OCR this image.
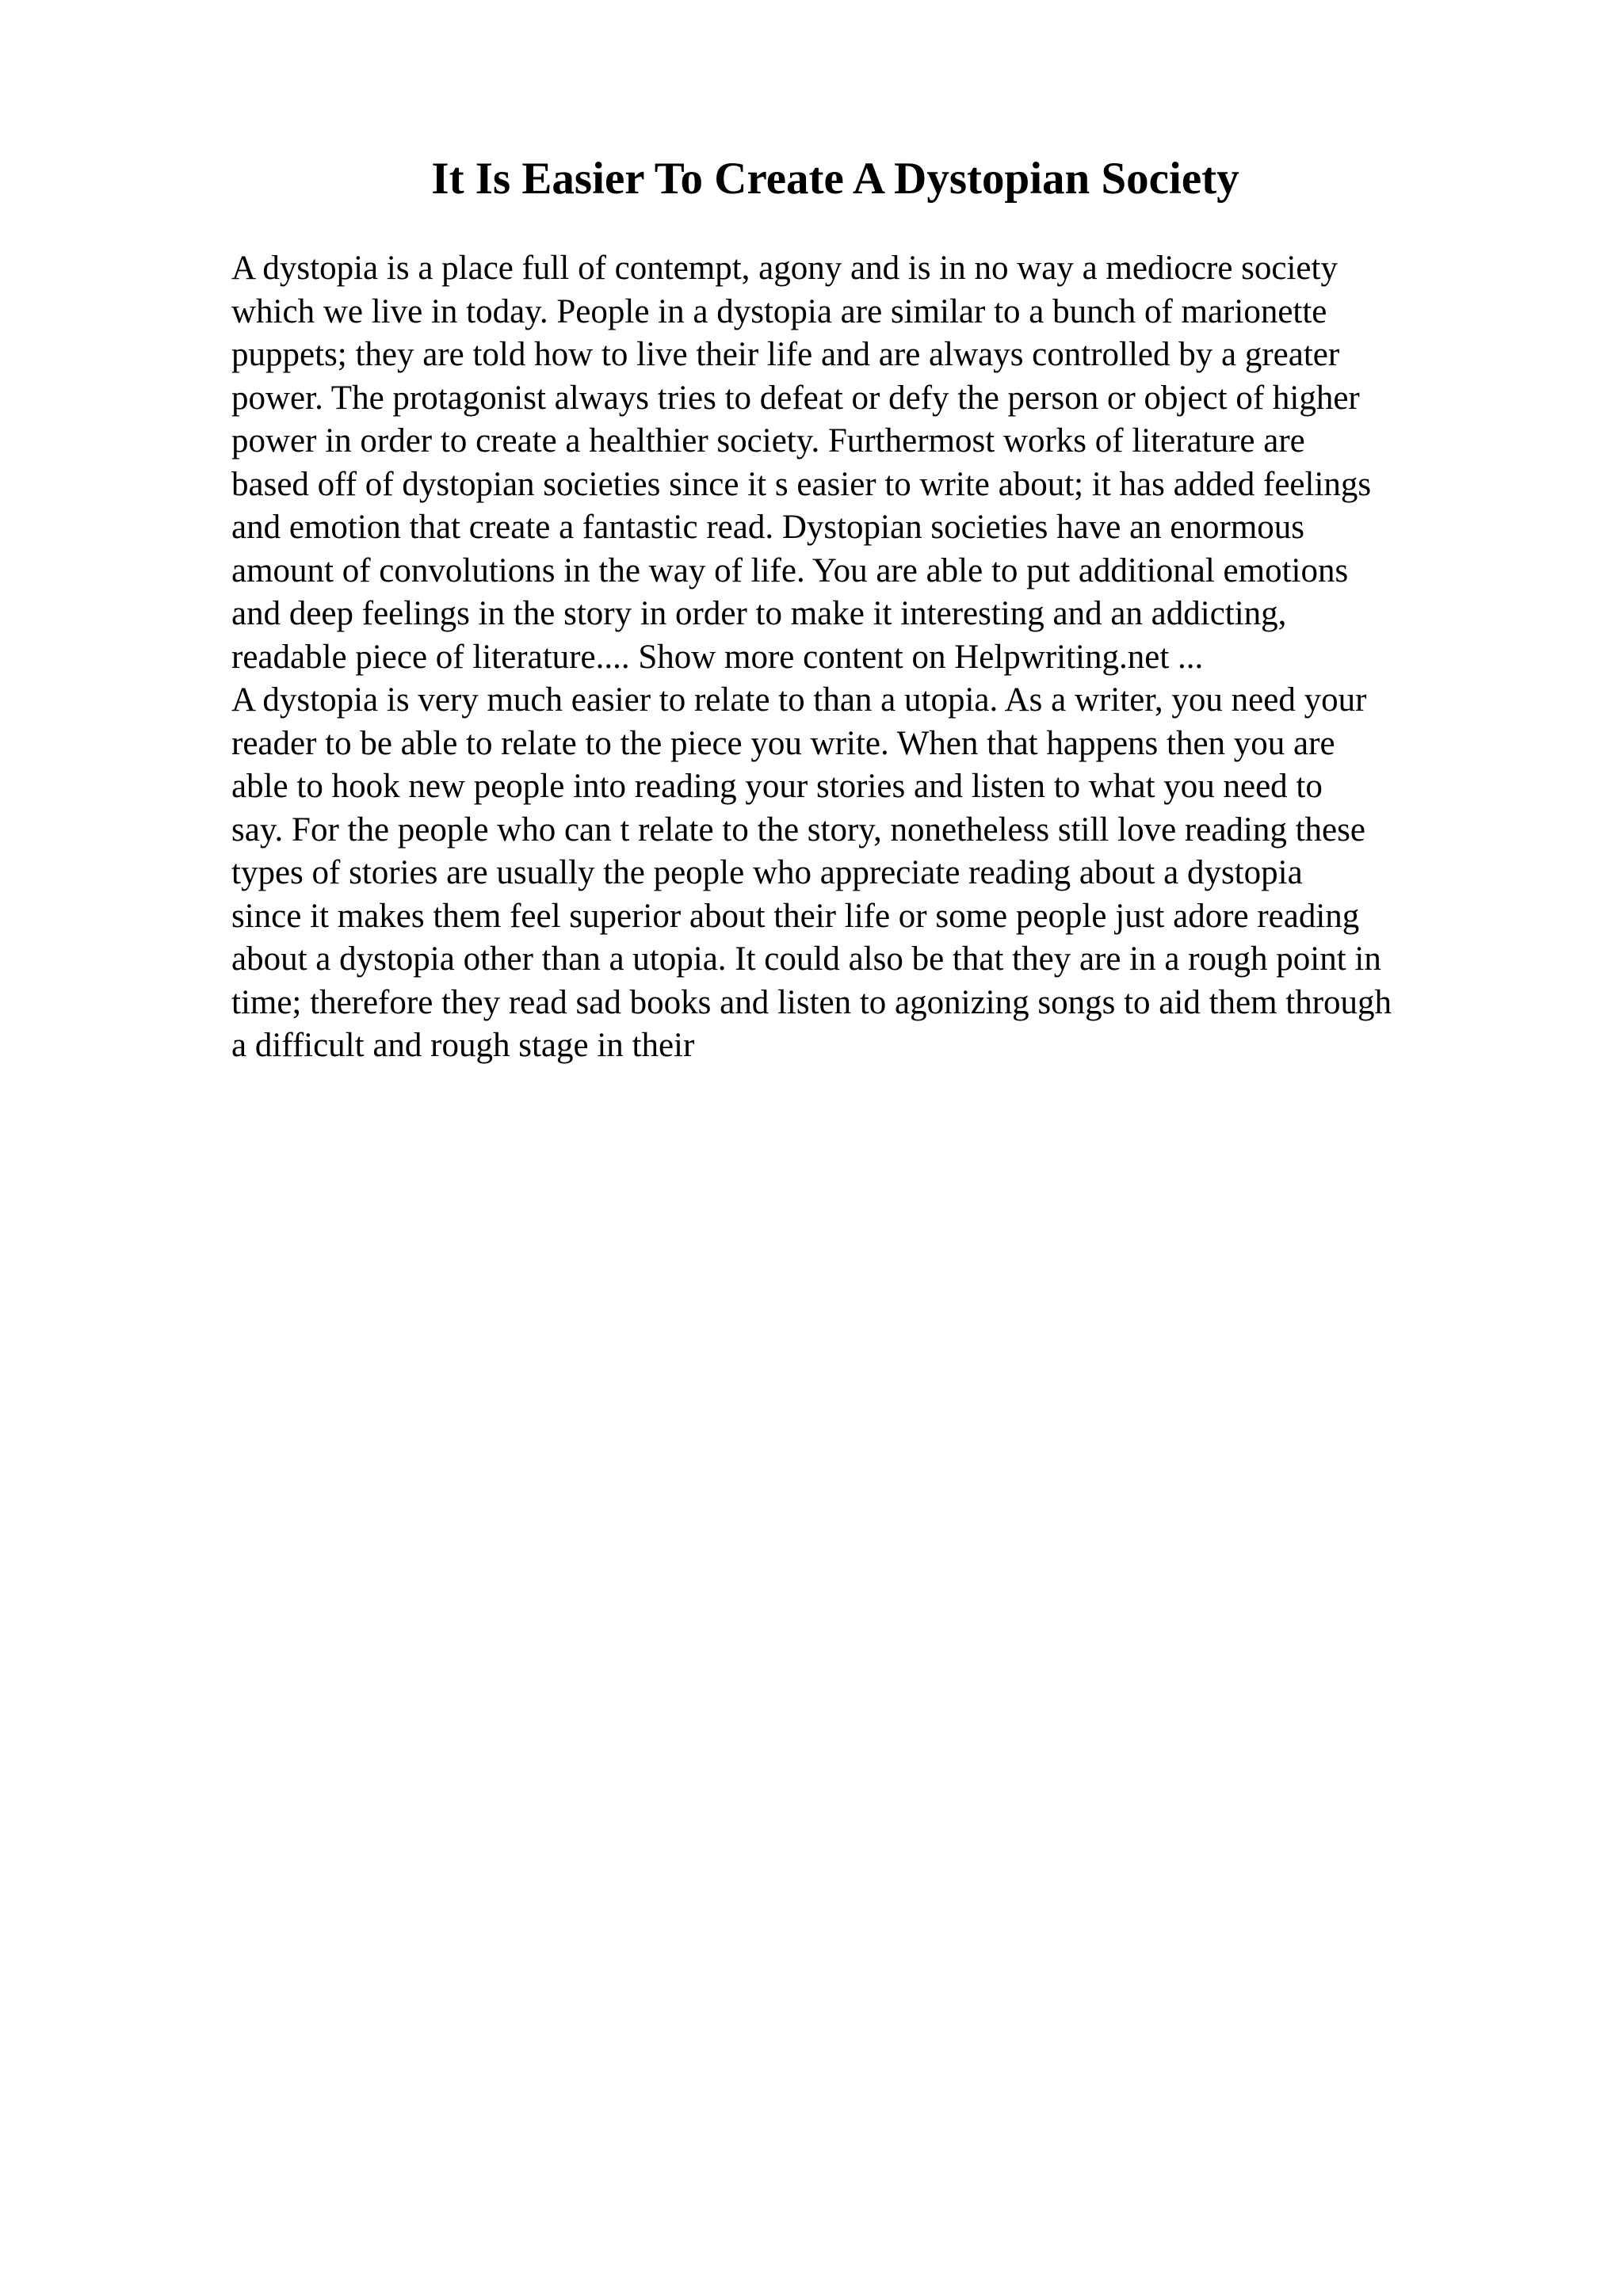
It Is Easier To Create A Dystopian Society
A dystopia is a place full of contempt, agony and is in no way a mediocre society
which we live in today. People in a dystopia are similar to a bunch of marionette
puppets; they are told how to live their life and are always controlled by a greater
power. The protagonist always tries to defeat or defy the person or object of higher
power in order to create a healthier society. Furthermost works of literature are
based off of dystopian societies since it s easier to write about; it has added feelings
and emotion that create a fantastic read. Dystopian societies have an enormous
amount of convolutions in the way of life. You are able to put additional emotions
and deep feelings in the story in order to make it interesting and an addicting,
readable piece of literature.... Show more content on Helpwriting.net ...
A dystopia is very much easier to relate to than a utopia. As a writer, you need your
reader to be able to relate to the piece you write. When that happens then you are
able to hook new people into reading your stories and listen to what you need to
say. For the people who can t relate to the story, nonetheless still love reading these
types of stories are usually the people who appreciate reading about a dystopia
since it makes them feel superior about their life or some people just adore reading
about a dystopia other than a utopia. It could also be that they are in a rough point in
time; therefore they read sad books and listen to agonizing songs to aid them through
a difficult and rough stage in their
